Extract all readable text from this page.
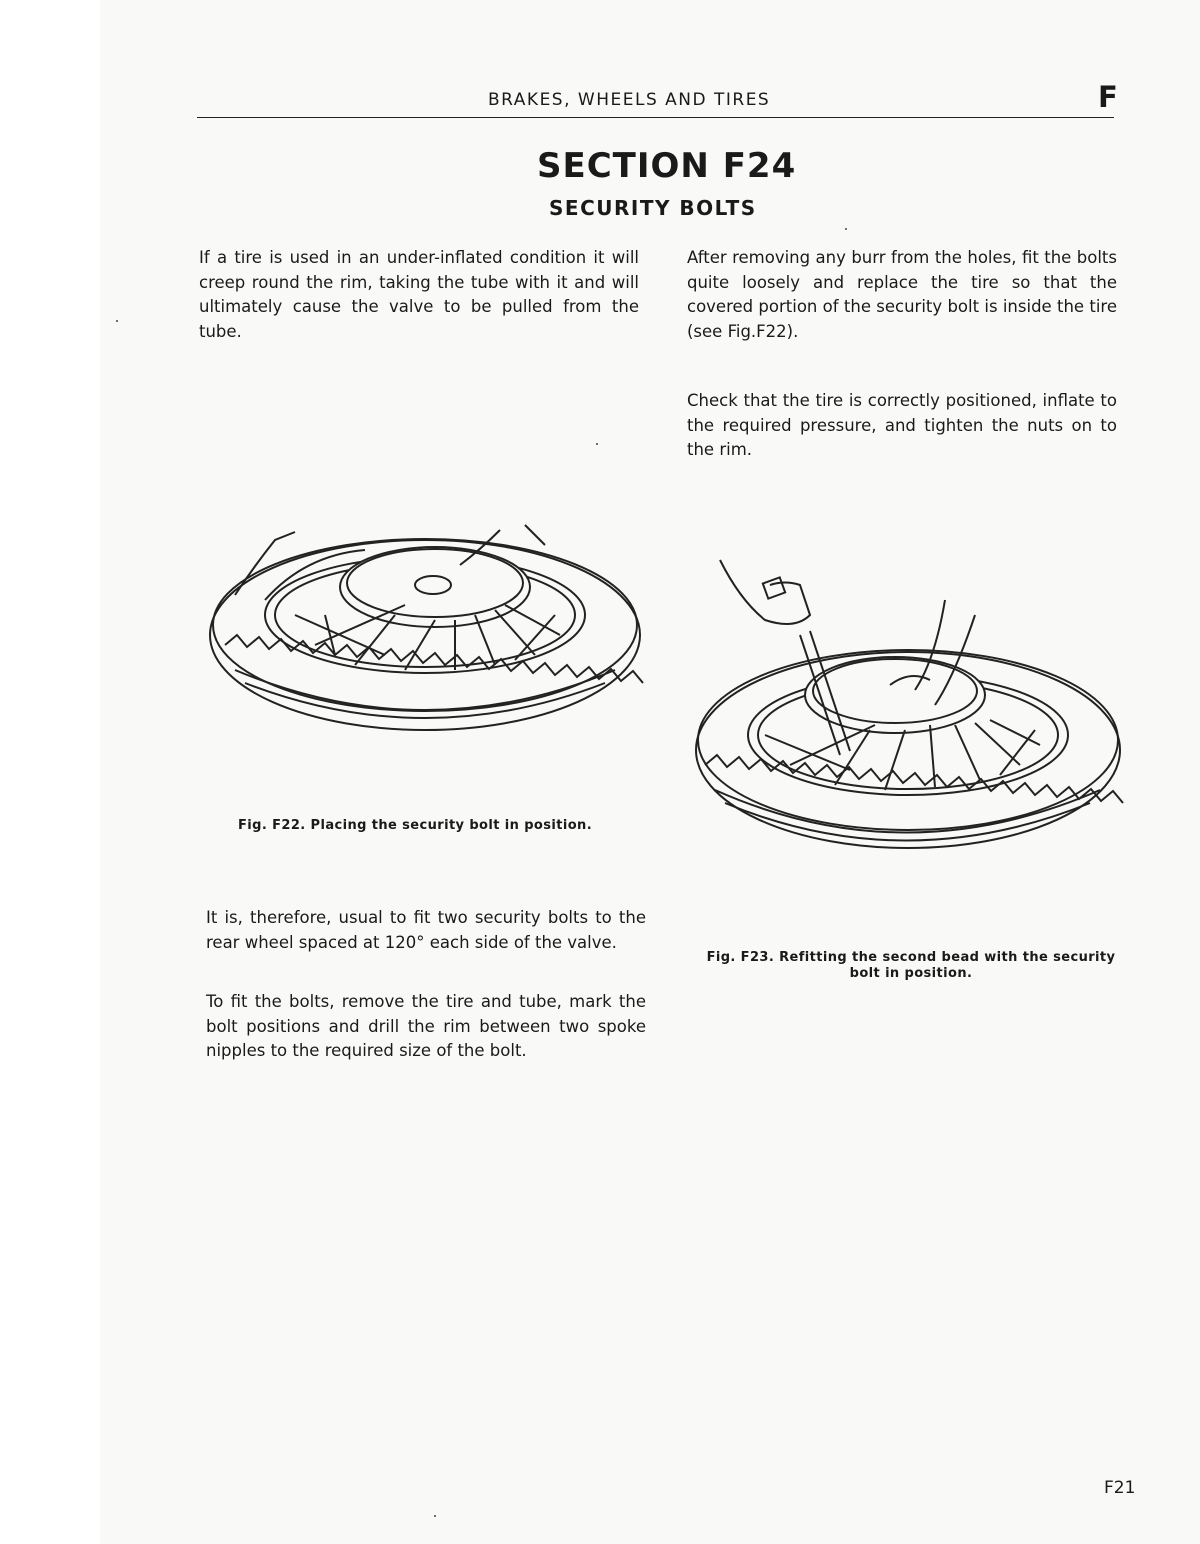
BRAKES, WHEELS AND TIRES	F
SECTION F24
SECURITY BOLTS

If a tire is used in an under-inflated condition it will creep round the rim, taking the tube with it and will ultimately cause the valve to be pulled from the tube.

After removing any burr from the holes, fit the bolts quite loosely and replace the tire so that the covered portion of the security bolt is inside the tire (see Fig.F22).

Check that the tire is correctly positioned, inflate to the required pressure, and tighten the nuts on to the rim.

Fig. F22. Placing the security bolt in position.

Fig. F23. Refitting the second bead with the security bolt in position.

It is, therefore, usual to fit two security bolts to the rear wheel spaced at 120° each side of the valve.

To fit the bolts, remove the tire and tube, mark the bolt positions and drill the rim between two spoke nipples to the required size of the bolt.

F21
